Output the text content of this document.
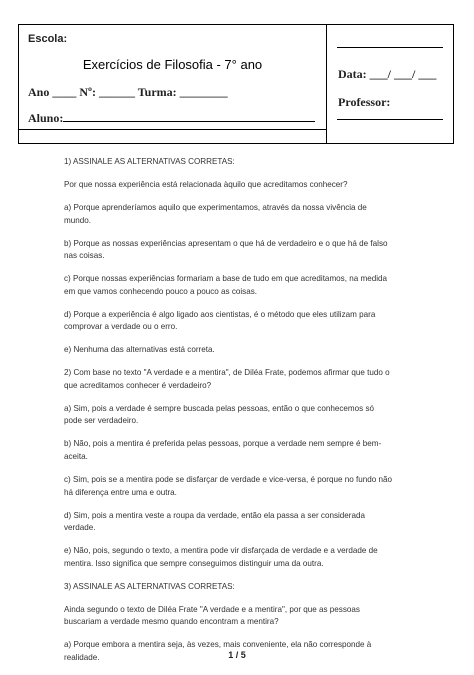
Escola:
Exercícios de Filosofia - 7° ano
Ano ____ Nº: ______ Turma: ________
Aluno:
Data: ___/ ___/ ___
Professor:

1) ASSINALE AS ALTERNATIVAS CORRETAS:

Por que nossa experiência está relacionada àquilo que acreditamos conhecer?

a) Porque aprenderíamos aquilo que experimentamos, através da nossa vivência de mundo.

b) Porque as nossas experiências apresentam o que há de verdadeiro e o que há de falso nas coisas.

c) Porque nossas experiências formariam a base de tudo em que acreditamos, na medida em que vamos conhecendo pouco a pouco as coisas.

d) Porque a experiência é algo ligado aos cientistas, é o método que eles utilizam para comprovar a verdade ou o erro.

e) Nenhuma das alternativas está correta.

2) Com base no texto "A verdade e a mentira", de Diléa Frate, podemos afirmar que tudo o que acreditamos conhecer é verdadeiro?

a) Sim, pois a verdade é sempre buscada pelas pessoas, então o que conhecemos só pode ser verdadeiro.

b) Não, pois a mentira é preferida pelas pessoas, porque a verdade nem sempre é bem-aceita.

c) Sim, pois se a mentira pode se disfarçar de verdade e vice-versa, é porque no fundo não há diferença entre uma e outra.

d) Sim, pois a mentira veste a roupa da verdade, então ela passa a ser considerada verdade.

e) Não, pois, segundo o texto, a mentira pode vir disfarçada de verdade e a verdade de mentira. Isso significa que sempre conseguimos distinguir uma da outra.

3) ASSINALE AS ALTERNATIVAS CORRETAS:

Ainda segundo o texto de Diléa Frate "A verdade e a mentira", por que as pessoas buscariam a verdade mesmo quando encontram a mentira?

a) Porque embora a mentira seja, às vezes, mais conveniente, ela não corresponde à realidade.	1 / 5
